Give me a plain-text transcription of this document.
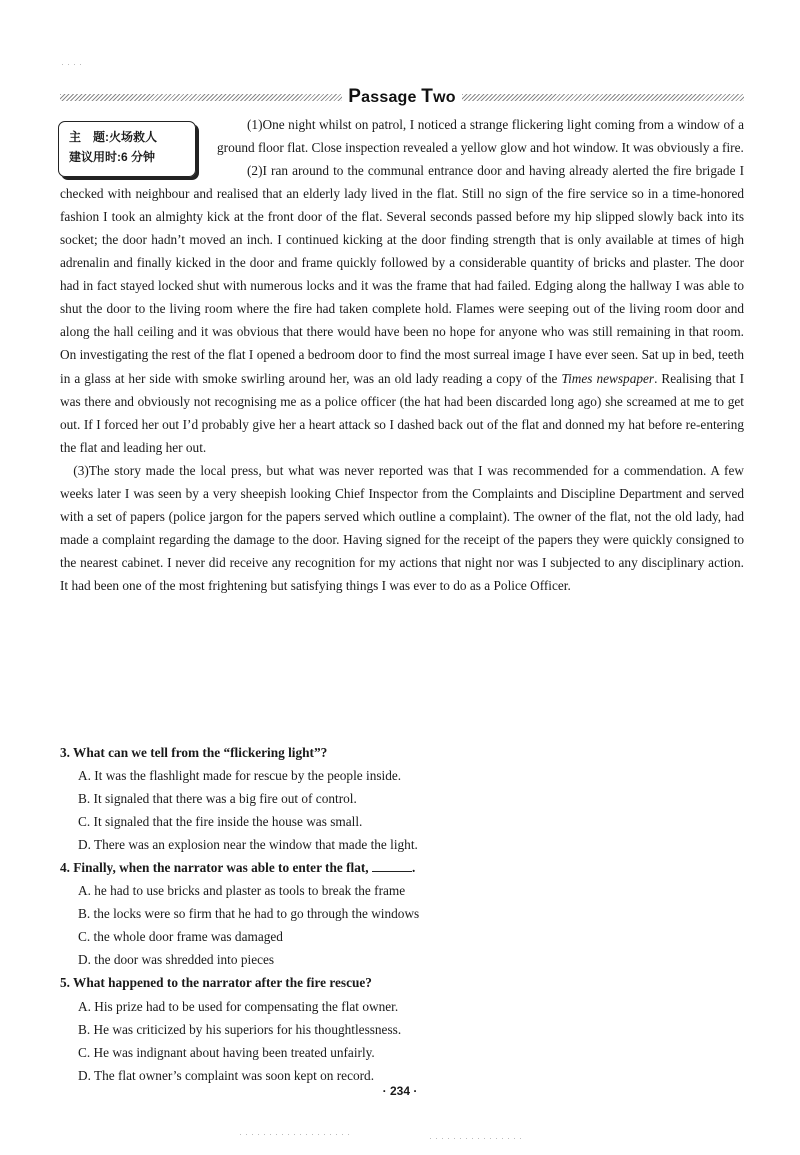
Passage Two
主　题:火场救人
建议用时:6 分钟

(1)One night whilst on patrol, I noticed a strange flickering light coming from a window of a ground floor flat. Close inspection revealed a yellow glow and hot window. It was obviously a fire.

(2)I ran around to the communal entrance door and having already alerted the fire brigade I checked with neighbour and realised that an elderly lady lived in the flat. Still no sign of the fire service so in a time-honored fashion I took an almighty kick at the front door of the flat. Several seconds passed before my hip slipped slowly back into its socket; the door hadn’t moved an inch. I continued kicking at the door finding strength that is only available at times of high adrenalin and finally kicked in the door and frame quickly followed by a considerable quantity of bricks and plaster. The door had in fact stayed locked shut with numerous locks and it was the frame that had failed. Edging along the hallway I was able to shut the door to the living room where the fire had taken complete hold. Flames were seeping out of the living room door and along the hall ceiling and it was obvious that there would have been no hope for anyone who was still remaining in that room. On investigating the rest of the flat I opened a bedroom door to find the most surreal image I have ever seen. Sat up in bed, teeth in a glass at her side with smoke swirling around her, was an old lady reading a copy of the Times newspaper. Realising that I was there and obviously not recognising me as a police officer (the hat had been discarded long ago) she screamed at me to get out. If I forced her out I’d probably give her a heart attack so I dashed back out of the flat and donned my hat before re-entering the flat and leading her out.

(3)The story made the local press, but what was never reported was that I was recommended for a commendation. A few weeks later I was seen by a very sheepish looking Chief Inspector from the Complaints and Discipline Department and served with a set of papers (police jargon for the papers served which outline a complaint). The owner of the flat, not the old lady, had made a complaint regarding the damage to the door. Having signed for the receipt of the papers they were quickly consigned to the nearest cabinet. I never did receive any recognition for my actions that night nor was I subjected to any disciplinary action. It had been one of the most frightening but satisfying things I was ever to do as a Police Officer.

3. What can we tell from the “flickering light”?

A. It was the flashlight made for rescue by the people inside.

B. It signaled that there was a big fire out of control.

C. It signaled that the fire inside the house was small.

D. There was an explosion near the window that made the light.

4. Finally, when the narrator was able to enter the flat,	.

A. he had to use bricks and plaster as tools to break the frame

B. the locks were so firm that he had to go through the windows

C. the whole door frame was damaged

D. the door was shredded into pieces

5. What happened to the narrator after the fire rescue?

A. His prize had to be used for compensating the flat owner.

B. He was criticized by his superiors for his thoughtlessness.

C. He was indignant about having been treated unfairly.

D. The flat owner’s complaint was soon kept on record.

· 234 ·
